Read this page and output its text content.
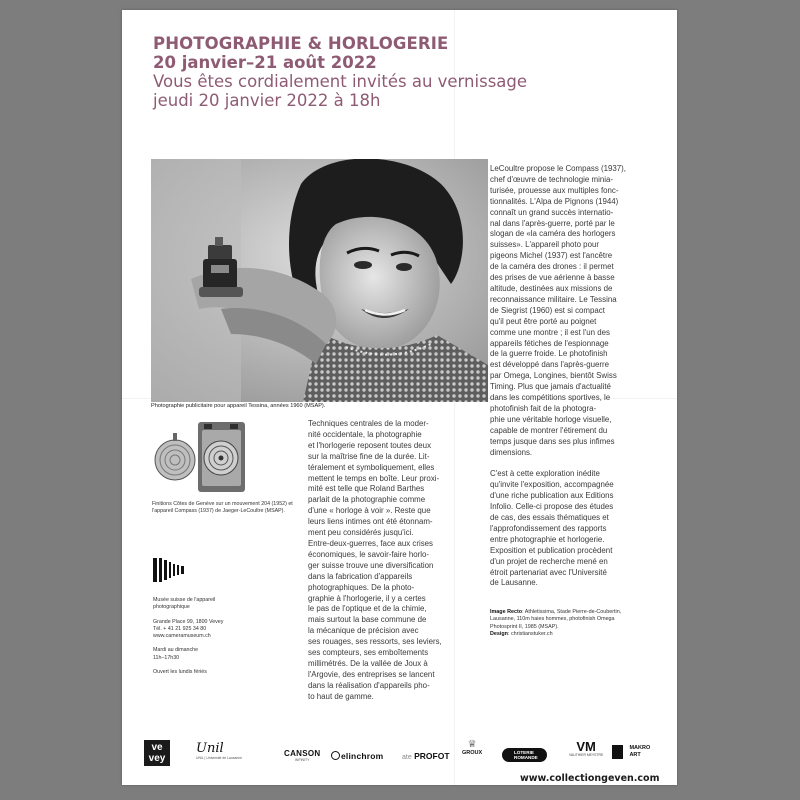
PHOTOGRAPHIE & HORLOGERIE
20 janvier–21 août 2022
Vous êtes cordialement invités au vernissage
jeudi 20 janvier 2022 à 18h
Photographie publicitaire pour appareil Tessina, années 1960 (MSAP).
Finitions Côtes de Genève sur un mouvement 204 (1952) et
l'appareil Compass (1937) de Jaeger-LeCoultre (MSAP).
Techniques centrales de la moder-
nité occidentale, la photographie
et l'horlogerie reposent toutes deux
sur la maîtrise fine de la durée. Lit-
téralement et symboliquement, elles
mettent le temps en boîte. Leur proxi-
mité est telle que Roland Barthes
parlait de la photographie comme
d'une « horloge à voir ». Reste que
leurs liens intimes ont été étonnam-
ment peu considérés jusqu'ici.
Entre-deux-guerres, face aux crises
économiques, le savoir-faire horlo-
ger suisse trouve une diversification
dans la fabrication d'appareils
photographiques. De la photo-
graphie à l'horlogerie, il y a certes
le pas de l'optique et de la chimie,
mais surtout la base commune de
la mécanique de précision avec
ses rouages, ses ressorts, ses leviers,
ses compteurs, ses emboîtements
millimétrés. De la vallée de Joux à
l'Argovie, des entreprises se lancent
dans la réalisation d'appareils pho-
to haut de gamme.

LeCoultre propose le Compass (1937),
chef d'œuvre de technologie minia-
turisée, prouesse aux multiples fonc-
tionnalités. L'Alpa de Pignons (1944)
connaît un grand succès internatio-
nal dans l'après-guerre, porté par le
slogan de «la caméra des horlogers
suisses». L'appareil photo pour
pigeons Michel (1937) est l'ancêtre
de la caméra des drones : il permet
des prises de vue aérienne à basse
altitude, destinées aux missions de
reconnaissance militaire. Le Tessina
de Siegrist (1960) est si compact
qu'il peut être porté au poignet
comme une montre ; il est l'un des
appareils fétiches de l'espionnage
de la guerre froide. Le photofinish
est développé dans l'après-guerre
par Omega, Longines, bientôt Swiss
Timing. Plus que jamais d'actualité
dans les compétitions sportives, le
photofinish fait de la photogra-
phie une véritable horloge visuelle,
capable de montrer l'étirement du
temps jusque dans ses plus infimes
dimensions.

C'est à cette exploration inédite
qu'invite l'exposition, accompagnée
d'une riche publication aux Editions
Infolio. Celle-ci propose des études
de cas, des essais thématiques et
l'approfondissement des rapports
entre photographie et horlogerie.
Exposition et publication procèdent
d'un projet de recherche mené en
étroit partenariat avec l'Université
de Lausanne.

Image Recto: Athletissima, Stade Pierre-de-Coubertin,
Lausanne, 110m haies hommes, photofinish Omega
Photosprint II, 1985 (MSAP).
Design: christianstuker.ch
Musée suisse de l'appareil
photographique
Grande Place 99, 1800 Vevey
Tél. + 41 21 925 34 80
www.cameramuseum.ch
Mardi au dimanche
11h–17h30
Ouvert les lundis fériés
ve
vey
Unil
UNIL | Université de Lausanne	CANSON
INFINITY	elinchrom	ate PROFOT
♕
GROUX	LOTERIE
ROMANDE
VM
VAUTHIER MEYSTRE

MAKRO
ART
www.collectiongeven.com
